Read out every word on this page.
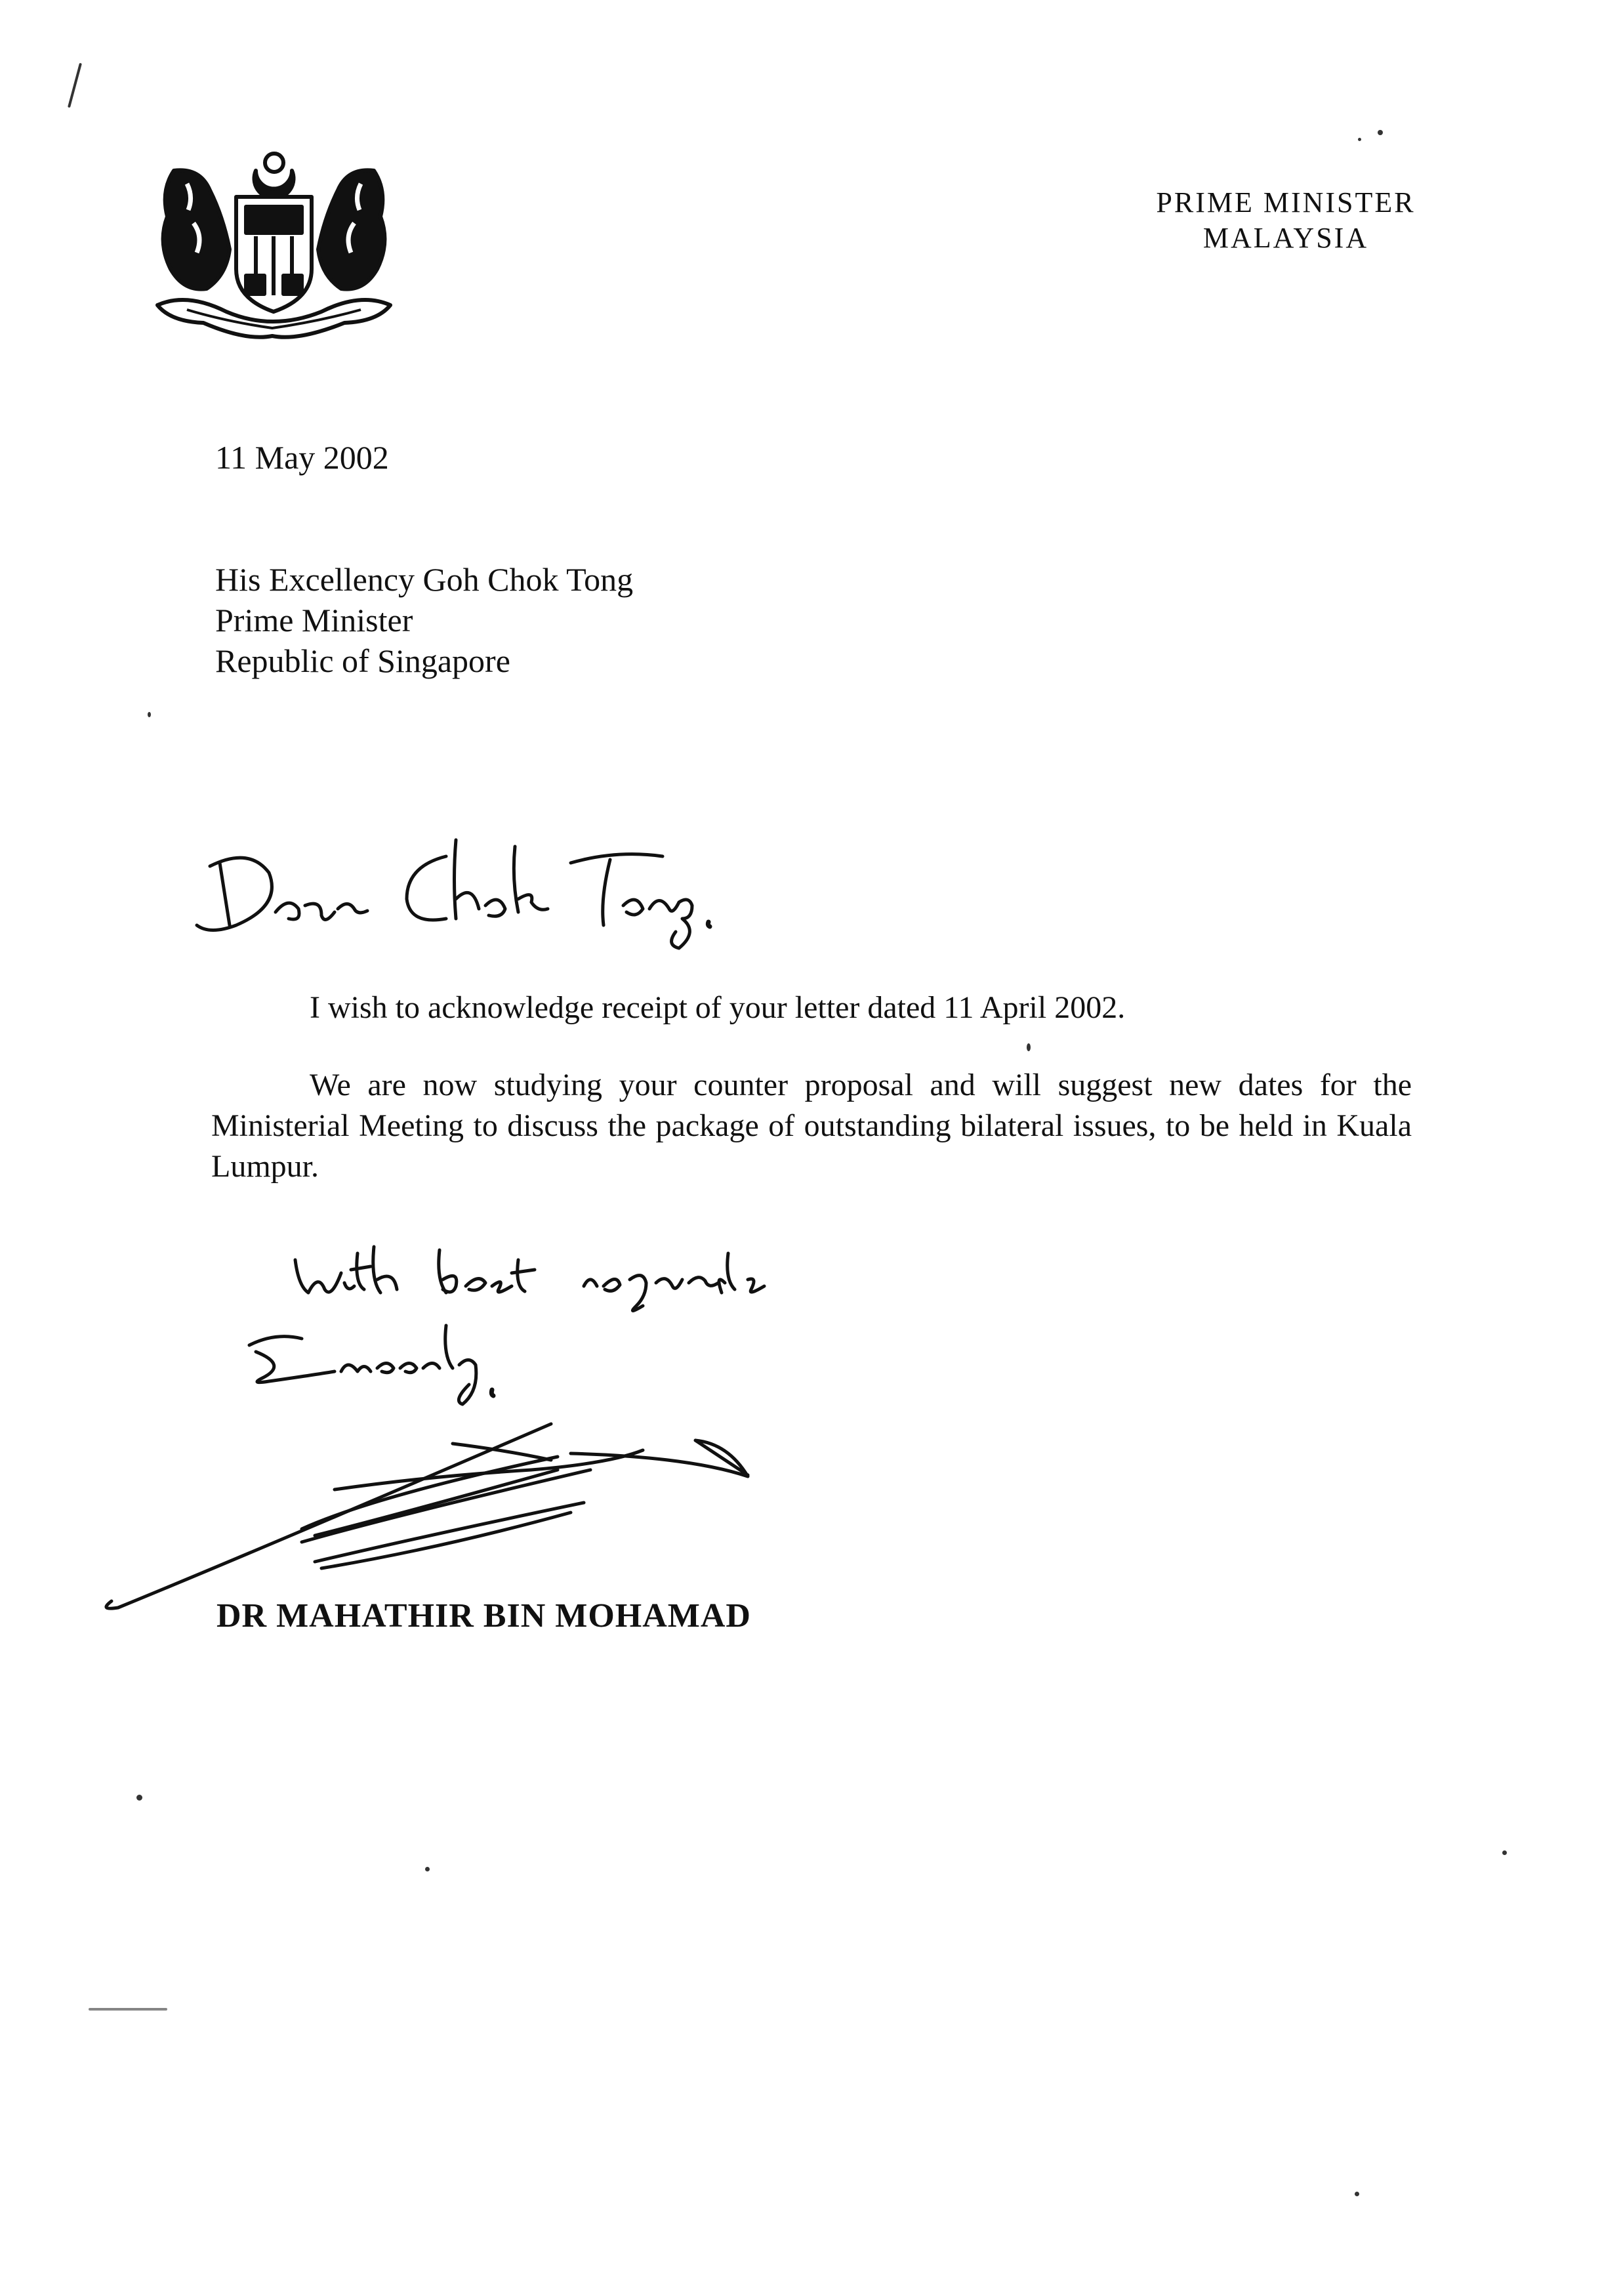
PRIME MINISTER
MALAYSIA
11 May 2002
His Excellency Goh Chok Tong
Prime Minister
Republic of Singapore

I wish to acknowledge receipt of your letter dated 11 April 2002.

We are now studying your counter proposal and will suggest new dates for the Ministerial Meeting to discuss the package of outstanding bilateral issues, to be held in Kuala Lumpur.

DR MAHATHIR BIN MOHAMAD
